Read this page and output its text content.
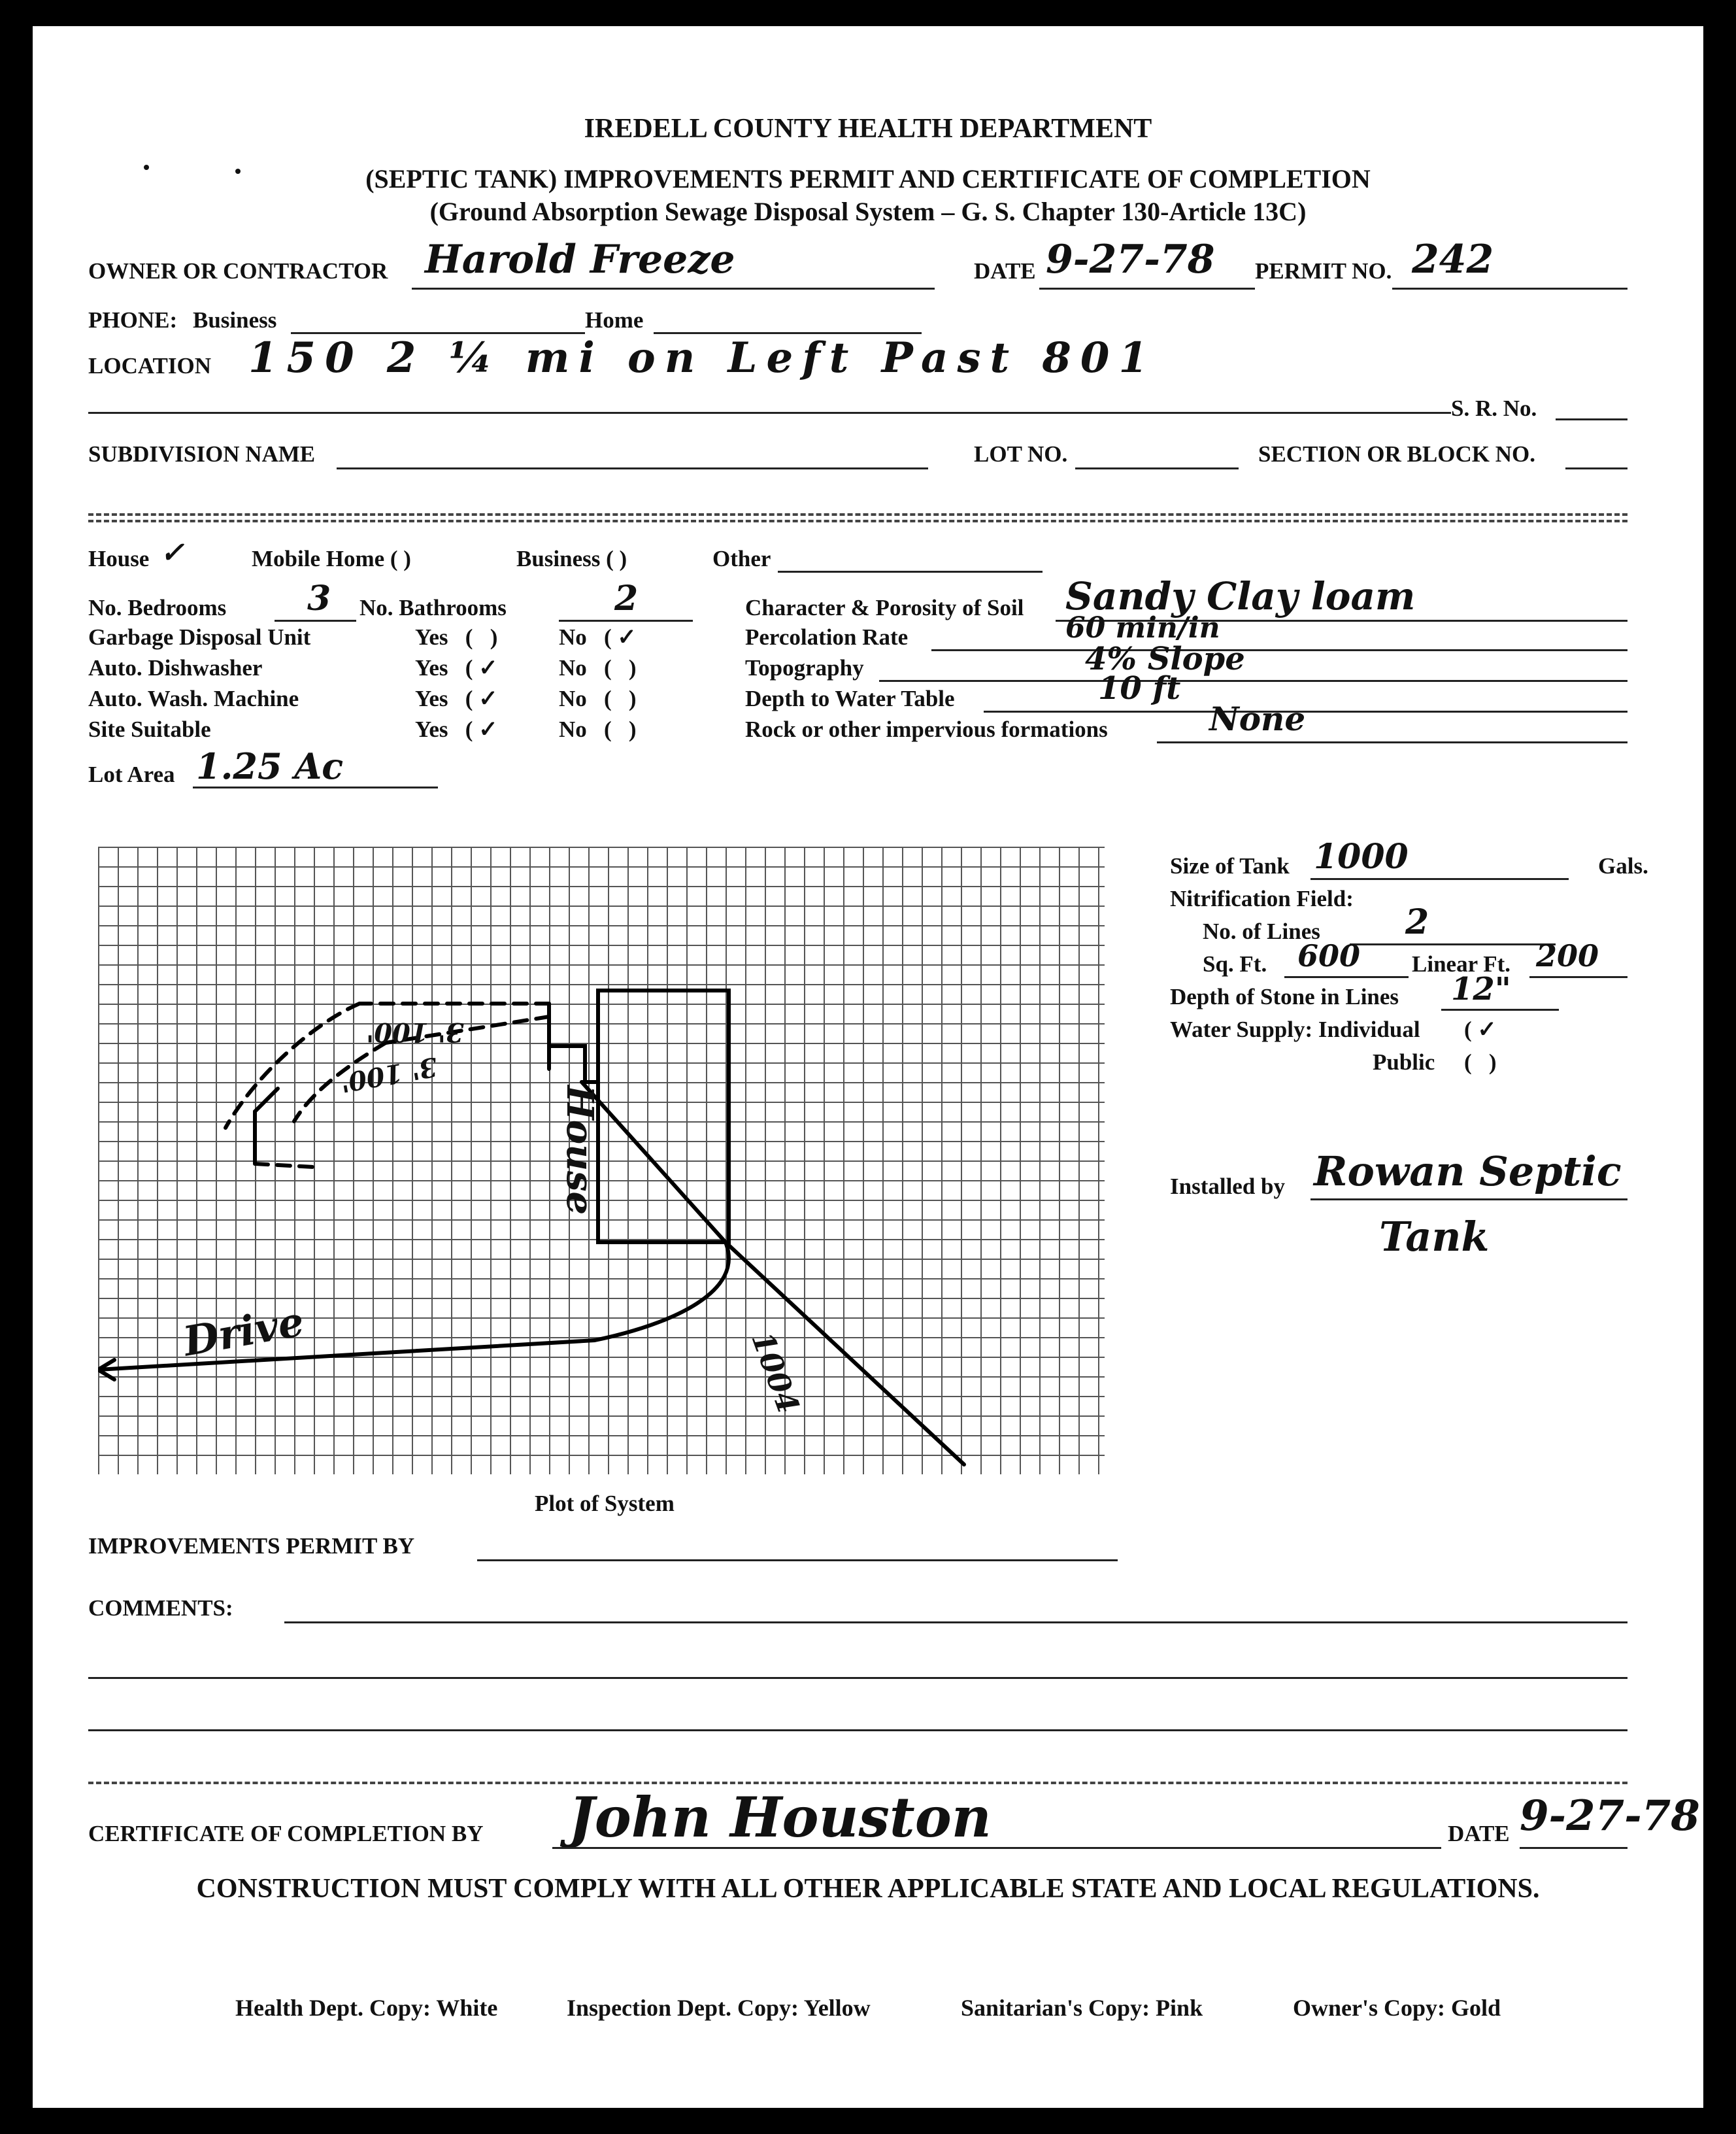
IREDELL COUNTY HEALTH DEPARTMENT
(SEPTIC TANK) IMPROVEMENTS PERMIT AND CERTIFICATE OF COMPLETION
(Ground Absorption Sewage Disposal System – G. S. Chapter 130-Article 13C)
OWNER OR CONTRACTOR Harold Freeze	DATE 9-27-78 PERMIT NO. 242
PHONE: Business	Home
LOCATION 150 2 ¼ mi on Left Past 801
S. R. No.
SUBDIVISION NAME	LOT NO.	SECTION OR BLOCK NO.
House ✓	Mobile Home ( )	Business ( )	Other
No. Bedrooms 3 No. Bathrooms	2
Garbage Disposal Unit	Yes   (   )	No   ( ✓
Auto. Dishwasher	Yes   ( ✓	No   (   )
Auto. Wash. Machine	Yes   ( ✓	No   (   )
Site Suitable	Yes   ( ✓	No   (   )
Lot Area 1.25 Ac
Character & Porosity of Soil Sandy Clay loam
Percolation Rate	60 min/in
Topography	4% Slope
Depth to Water Table	10 ft
Rock or other impervious formations	None
House
Drive	1004
3' 100'
3' 100'
Plot of System
Size of Tank 1000	Gals.
Nitrification Field:
No. of Lines	2
Sq. Ft. 600 Linear Ft. 200
Depth of Stone in Lines 12"
Water Supply: Individual ( ✓
Public (   )
Installed by Rowan Septic
Tank
IMPROVEMENTS PERMIT BY
COMMENTS:
CERTIFICATE OF COMPLETION BY John Houston	DATE 9-27-78
CONSTRUCTION MUST COMPLY WITH ALL OTHER APPLICABLE STATE AND LOCAL REGULATIONS.
Health Dept. Copy: White	Inspection Dept. Copy: Yellow	Sanitarian's Copy: Pink	Owner's Copy: Gold
